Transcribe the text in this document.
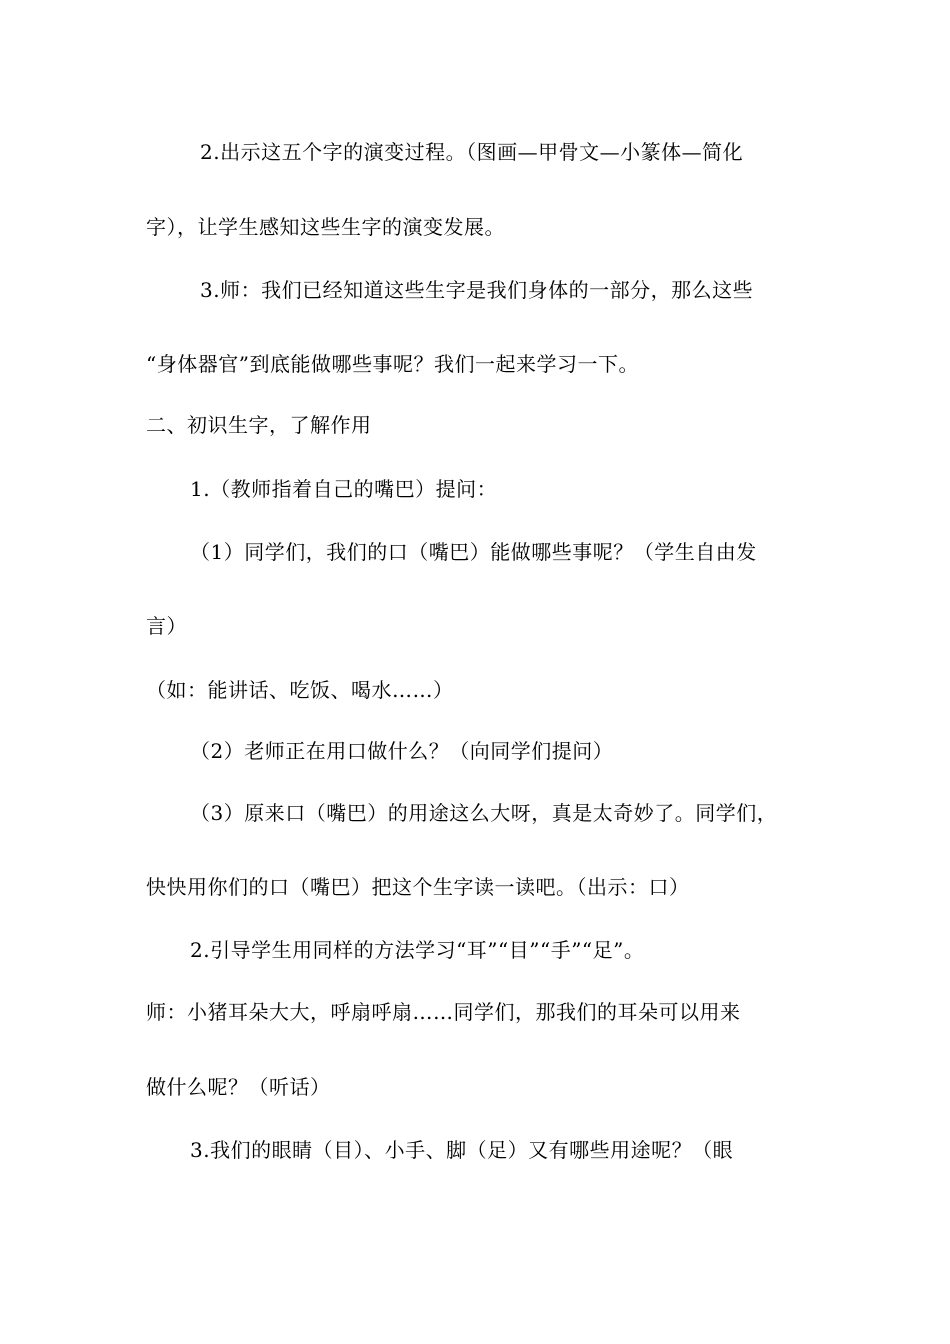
2.出示这五个字的演变过程。（图画—甲骨文—小篆体—简化
字），让学生感知这些生字的演变发展。
3.师：我们已经知道这些生字是我们身体的一部分，那么这些
“身体器官”到底能做哪些事呢？我们一起来学习一下。
二、初识生字，了解作用
1.（教师指着自己的嘴巴）提问：
（1）同学们，我们的口（嘴巴）能做哪些事呢？（学生自由发
言）
（如：能讲话、吃饭、喝水……）
（2）老师正在用口做什么？（向同学们提问）
（3）原来口（嘴巴）的用途这么大呀，真是太奇妙了。同学们，
快快用你们的口（嘴巴）把这个生字读一读吧。（出示：口）
2.引导学生用同样的方法学习“耳”“目”“手”“足”。
师：小猪耳朵大大，呼扇呼扇……同学们，那我们的耳朵可以用来
做什么呢？（听话）
3.我们的眼睛（目）、小手、脚（足）又有哪些用途呢？（眼
